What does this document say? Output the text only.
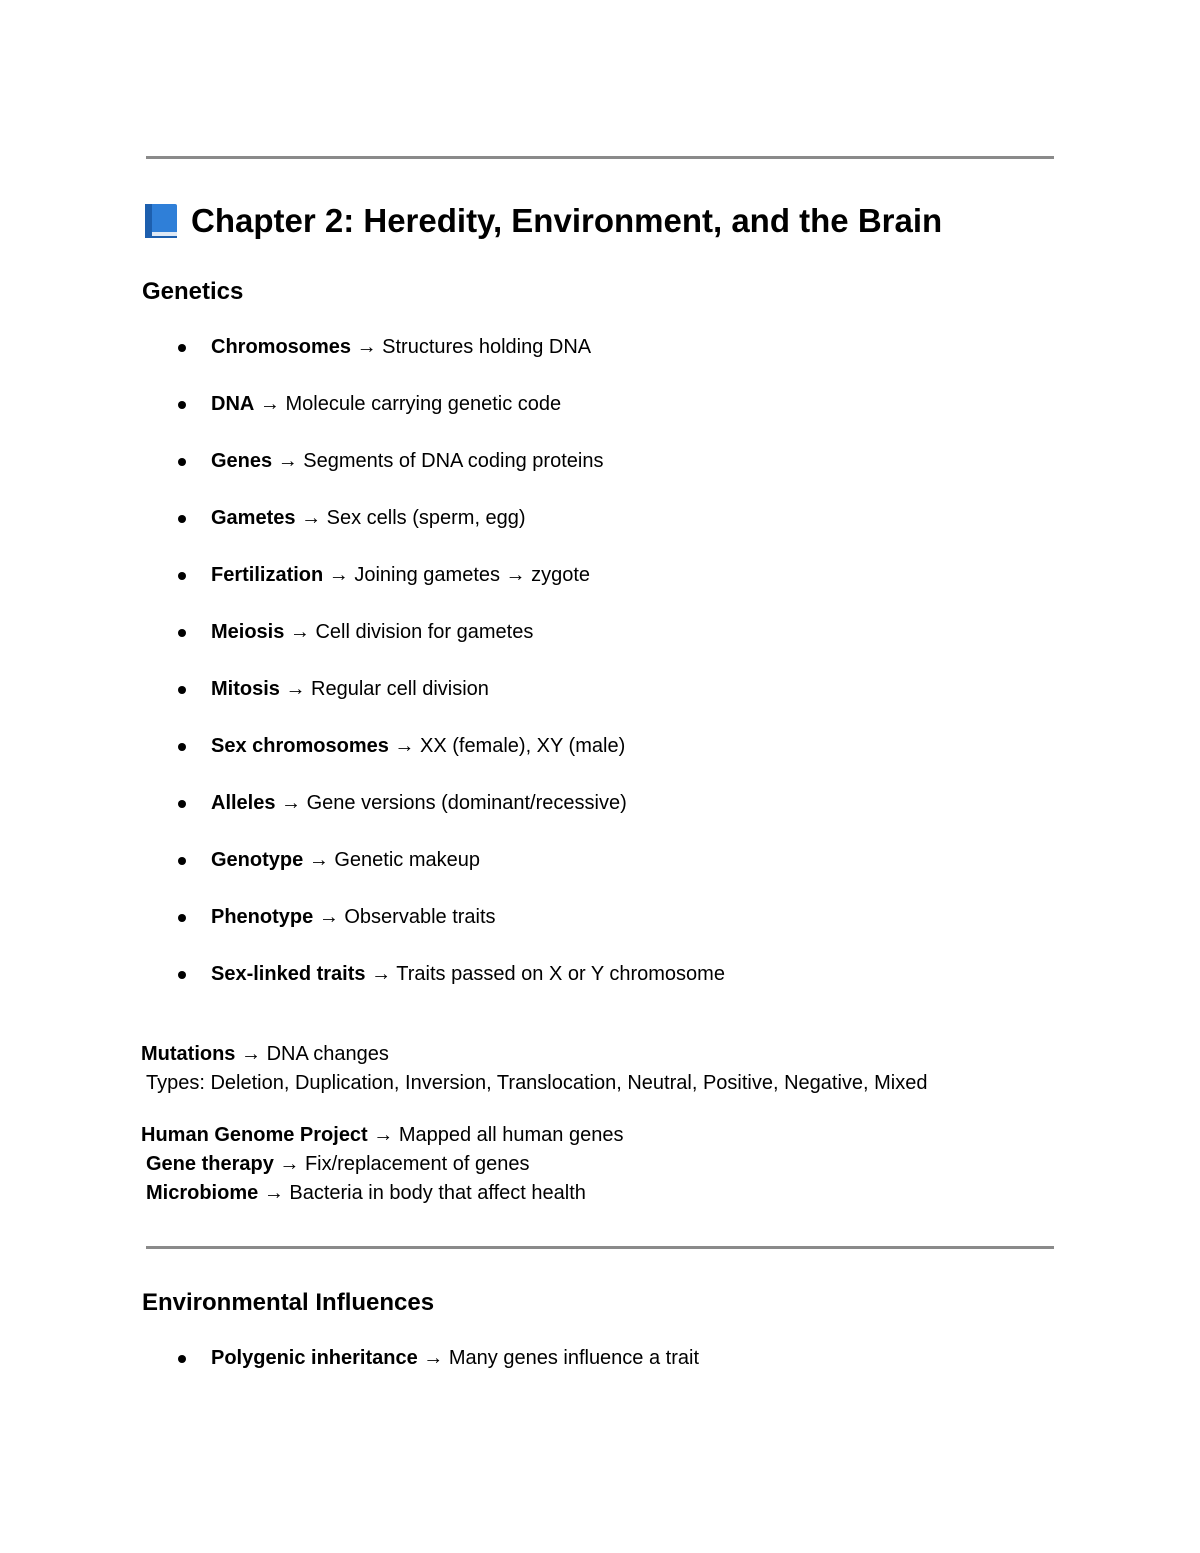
Chapter 2: Heredity, Environment, and the Brain
Genetics
Chromosomes → Structures holding DNA
DNA → Molecule carrying genetic code
Genes → Segments of DNA coding proteins
Gametes → Sex cells (sperm, egg)
Fertilization → Joining gametes → zygote
Meiosis → Cell division for gametes
Mitosis → Regular cell division
Sex chromosomes → XX (female), XY (male)
Alleles → Gene versions (dominant/recessive)
Genotype → Genetic makeup
Phenotype → Observable traits
Sex-linked traits → Traits passed on X or Y chromosome
Mutations → DNA changes
Types: Deletion, Duplication, Inversion, Translocation, Neutral, Positive, Negative, Mixed
Human Genome Project → Mapped all human genes
Gene therapy → Fix/replacement of genes
Microbiome → Bacteria in body that affect health
Environmental Influences
Polygenic inheritance → Many genes influence a trait
